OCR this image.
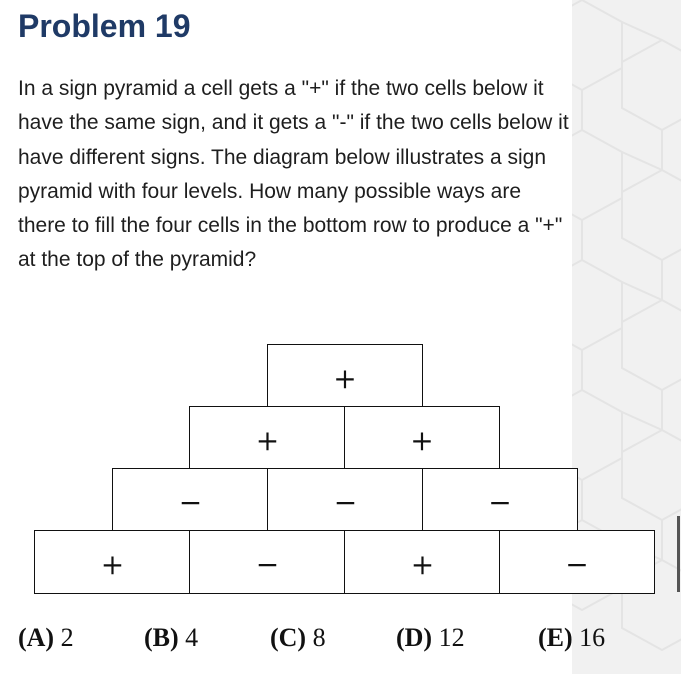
Problem 19

In a sign pyramid a cell gets a "+" if the two cells below it have the same sign, and it gets a "-" if the two cells below it have different signs. The diagram below illustrates a sign pyramid with four levels. How many possible ways are there to fill the four cells in the bottom row to produce a "+" at the top of the pyramid?

+
+	+
−	−	−
+	−	+	−
(A) 2	(B) 4	(C) 8	(D) 12	(E) 16
